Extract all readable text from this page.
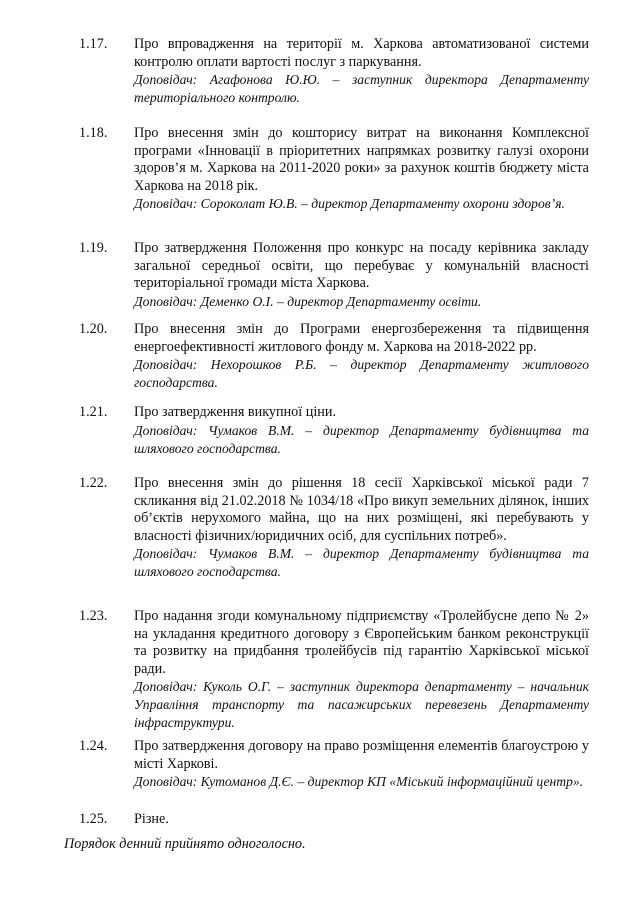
1.17. Про впровадження на території м. Харкова автоматизованої системи контролю оплати вартості послуг з паркування.
Доповідач: Агафонова Ю.Ю. – заступник директора Департаменту територіального контролю.
1.18. Про внесення змін до кошторису витрат на виконання Комплексної програми «Інновації в пріоритетних напрямках розвитку галузі охорони здоров’я м. Харкова на 2011-2020 роки» за рахунок коштів бюджету міста Харкова на 2018 рік.
Доповідач: Сороколат Ю.В. – директор Департаменту охорони здоров’я.
1.19. Про затвердження Положення про конкурс на посаду керівника закладу загальної середньої освіти, що перебуває у комунальній власності територіальної громади міста Харкова.
Доповідач: Деменко О.І. – директор Департаменту освіти.
1.20. Про внесення змін до Програми енергозбереження та підвищення енергоефективності житлового фонду м. Харкова на 2018-2022 рр.
Доповідач: Нехорошков Р.Б. – директор Департаменту житлового господарства.
1.21. Про затвердження викупної ціни.
Доповідач: Чумаков В.М. – директор Департаменту будівництва та шляхового господарства.
1.22. Про внесення змін до рішення 18 сесії Харківської міської ради 7 скликання від 21.02.2018 № 1034/18 «Про викуп земельних ділянок, інших об’єктів нерухомого майна, що на них розміщені, які перебувають у власності фізичних/юридичних осіб, для суспільних потреб».
Доповідач: Чумаков В.М. – директор Департаменту будівництва та шляхового господарства.
1.23. Про надання згоди комунальному підприємству «Тролейбусне депо № 2» на укладання кредитного договору з Європейським банком реконструкції та розвитку на придбання тролейбусів під гарантію Харківської міської ради.
Доповідач: Куколь О.Г. – заступник директора департаменту – начальник Управління транспорту та пасажирських перевезень Департаменту інфраструктури.
1.24. Про затвердження договору на право розміщення елементів благоустрою у місті Харкові.
Доповідач: Кутоманов Д.Є. – директор КП «Міський інформаційний центр».
1.25. Різне.
Порядок денний прийнято одноголосно.
